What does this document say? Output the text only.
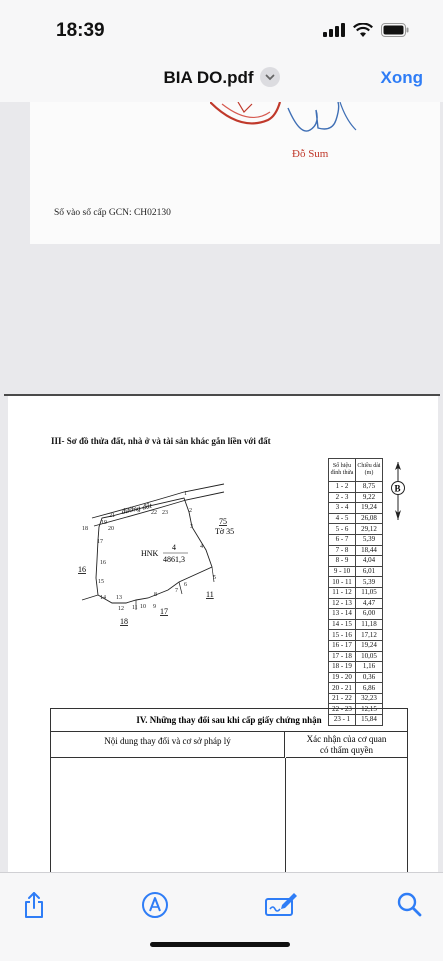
18:39
BIA DO.pdf	Xong
Đỗ Sum
Số vào sổ cấp GCN: CH02130
III- Sơ đồ thửa đất, nhà ở và tài sản khác gắn liền với đất
đường đất
HNK
4
4861,3
75
Tờ 35
16
11
17
18
1
2
3
4
5
6
7
8
9
10
11
12
13
14
15
16
17
18
19
20
21	22 23
Số hiệu đỉnh thửa	Chiều dài (m)
1 - 2	8,75
2 - 3	9,22
3 - 4	19,24
4 - 5	26,08
5 - 6	29,12
6 - 7	5,39
7 - 8	18,44
8 - 9	4,04
9 - 10	6,01
10 - 11	5,39
11 - 12	11,05
12 - 13	4,47
13 - 14	6,00
14 - 15	11,18
15 - 16	17,12
16 - 17	19,24
17 - 18	10,05
18 - 19	1,16
19 - 20	0,36
20 - 21	6,86
21 - 22	32,23
22 - 23	12,15
23 - 1	15,84
B
IV. Những thay đổi sau khi cấp giấy chứng nhận
Nội dung thay đổi và cơ sở pháp lý	Xác nhận của cơ quan
có thẩm quyền
